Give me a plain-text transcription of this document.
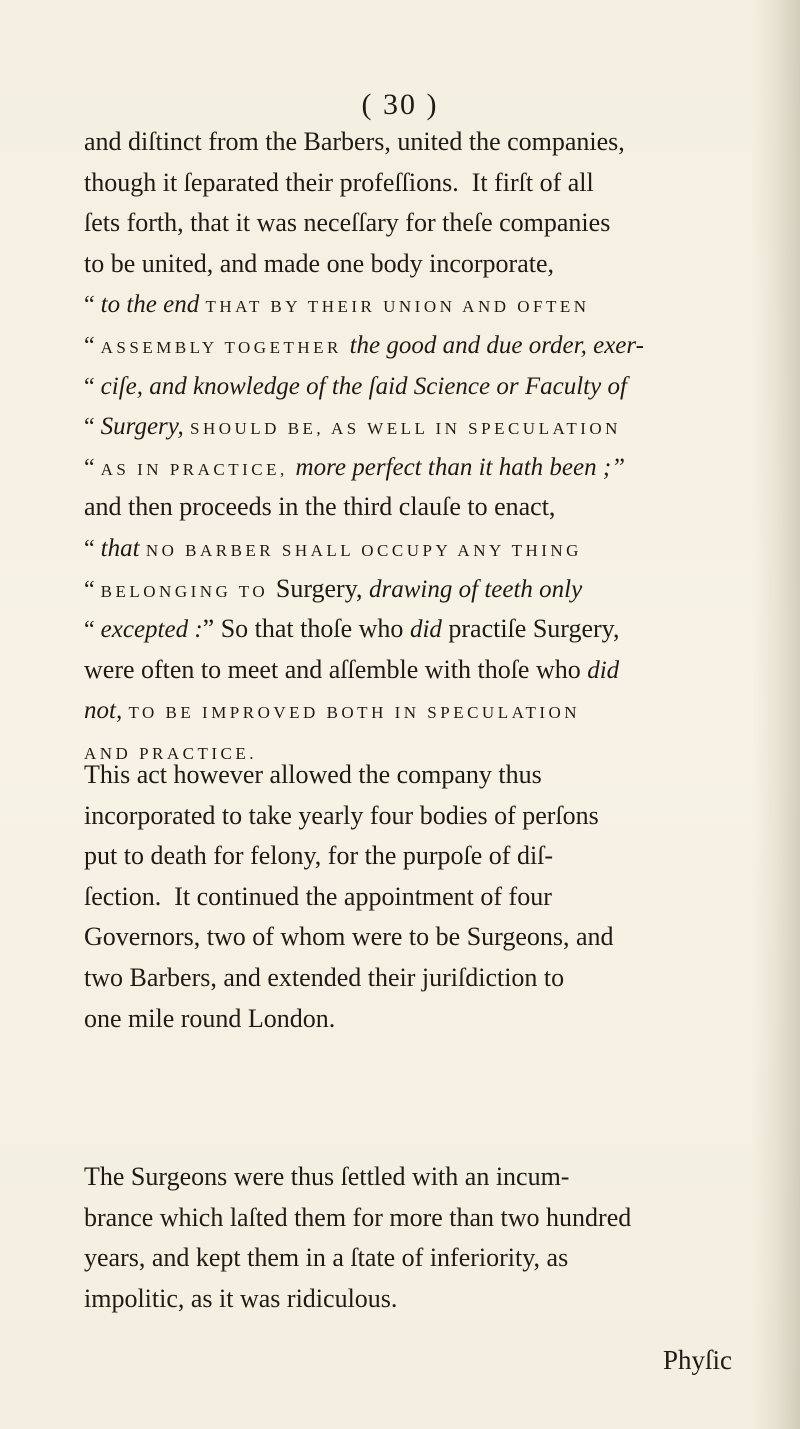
( 30 )
and diſtinct from the Barbers, united the companies,
though it ſeparated their profeſſions.  It firſt of all
ſets forth, that it was neceſſary for theſe companies
to be united, and made one body incorporate,
“ to the end THAT BY THEIR UNION AND OFTEN
“ ASSEMBLY TOGETHER the good and due order, exer-
“ ciſe, and knowledge of the ſaid Science or Faculty of
“ Surgery, SHOULD BE, AS WELL IN SPECULATION
“ AS IN PRACTICE, more perfect than it hath been ;”
and then proceeds in the third clauſe to enact,
“ that NO BARBER SHALL OCCUPY ANY THING
“ BELONGING TO Surgery, drawing of teeth only
“ excepted :” So that thoſe who did practiſe Surgery,
were often to meet and aſſemble with thoſe who did
not, TO BE IMPROVED BOTH IN SPECULATION
AND PRACTICE.
This act however allowed the company thus
incorporated to take yearly four bodies of perſons
put to death for felony, for the purpoſe of diſ-
ſection.  It continued the appointment of four
Governors, two of whom were to be Surgeons, and
two Barbers, and extended their juriſdiction to
one mile round London.
The Surgeons were thus ſettled with an incum-
brance which laſted them for more than two hundred
years, and kept them in a ſtate of inferiority, as
impolitic, as it was ridiculous.
Phyſic
